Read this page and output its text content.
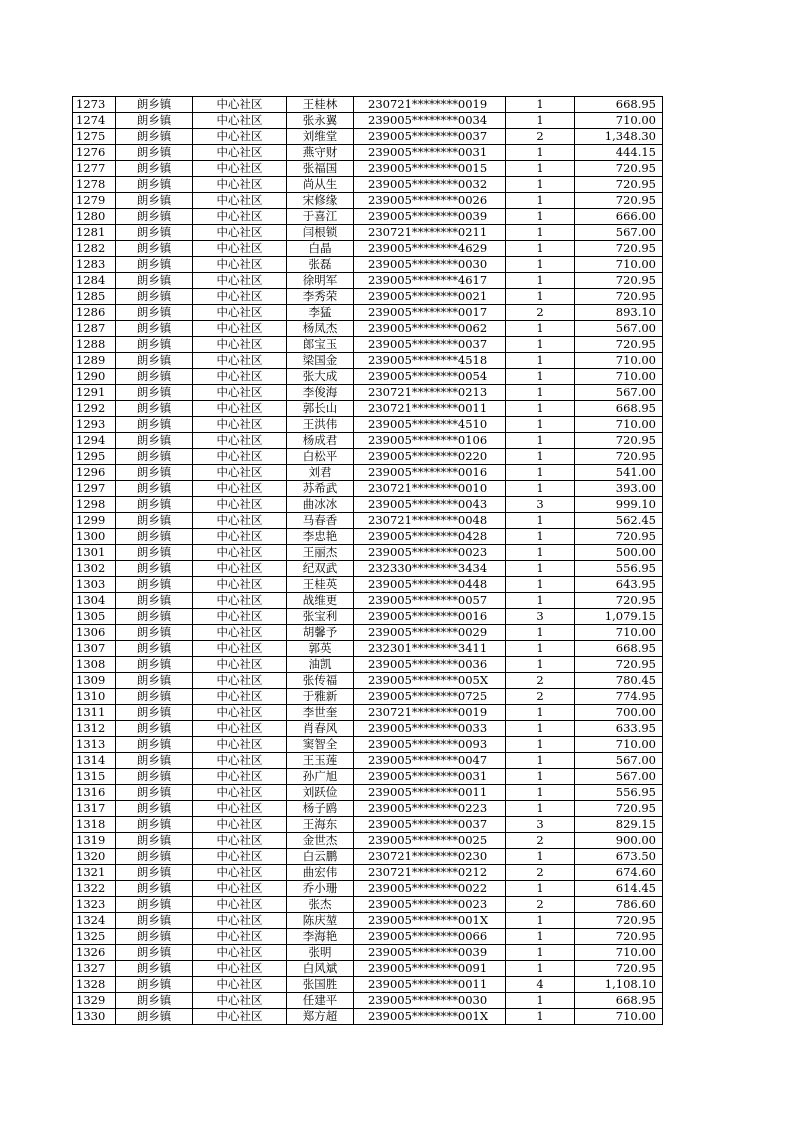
1273	朗乡镇	中心社区	王桂林	230721********0019	1	668.95
1274	朗乡镇	中心社区	张永翼	239005********0034	1	710.00
1275	朗乡镇	中心社区	刘维堂	239005********0037	2	1,348.30
1276	朗乡镇	中心社区	燕守财	239005********0031	1	444.15
1277	朗乡镇	中心社区	张福国	239005********0015	1	720.95
1278	朗乡镇	中心社区	尚从生	239005********0032	1	720.95
1279	朗乡镇	中心社区	宋修缘	239005********0026	1	720.95
1280	朗乡镇	中心社区	于喜江	239005********0039	1	666.00
1281	朗乡镇	中心社区	闫根锁	230721********0211	1	567.00
1282	朗乡镇	中心社区	白晶	239005********4629	1	720.95
1283	朗乡镇	中心社区	张磊	239005********0030	1	710.00
1284	朗乡镇	中心社区	徐明军	239005********4617	1	720.95
1285	朗乡镇	中心社区	李秀荣	239005********0021	1	720.95
1286	朗乡镇	中心社区	李猛	239005********0017	2	893.10
1287	朗乡镇	中心社区	杨凤杰	239005********0062	1	567.00
1288	朗乡镇	中心社区	郎宝玉	239005********0037	1	720.95
1289	朗乡镇	中心社区	梁国金	239005********4518	1	710.00
1290	朗乡镇	中心社区	张大成	239005********0054	1	710.00
1291	朗乡镇	中心社区	李俊海	230721********0213	1	567.00
1292	朗乡镇	中心社区	郭长山	230721********0011	1	668.95
1293	朗乡镇	中心社区	王洪伟	239005********4510	1	710.00
1294	朗乡镇	中心社区	杨成君	239005********0106	1	720.95
1295	朗乡镇	中心社区	白松平	239005********0220	1	720.95
1296	朗乡镇	中心社区	刘君	239005********0016	1	541.00
1297	朗乡镇	中心社区	苏希武	230721********0010	1	393.00
1298	朗乡镇	中心社区	曲冰冰	239005********0043	3	999.10
1299	朗乡镇	中心社区	马春香	230721********0048	1	562.45
1300	朗乡镇	中心社区	李忠艳	239005********0428	1	720.95
1301	朗乡镇	中心社区	王丽杰	239005********0023	1	500.00
1302	朗乡镇	中心社区	纪双武	232330********3434	1	556.95
1303	朗乡镇	中心社区	王桂英	239005********0448	1	643.95
1304	朗乡镇	中心社区	战维更	239005********0057	1	720.95
1305	朗乡镇	中心社区	张宝利	239005********0016	3	1,079.15
1306	朗乡镇	中心社区	胡馨予	239005********0029	1	710.00
1307	朗乡镇	中心社区	郭英	232301********3411	1	668.95
1308	朗乡镇	中心社区	油凯	239005********0036	1	720.95
1309	朗乡镇	中心社区	张传福	239005********005X	2	780.45
1310	朗乡镇	中心社区	于雅新	239005********0725	2	774.95
1311	朗乡镇	中心社区	李世奎	230721********0019	1	700.00
1312	朗乡镇	中心社区	肖春风	239005********0033	1	633.95
1313	朗乡镇	中心社区	窦智全	239005********0093	1	710.00
1314	朗乡镇	中心社区	王玉莲	239005********0047	1	567.00
1315	朗乡镇	中心社区	孙广旭	239005********0031	1	567.00
1316	朗乡镇	中心社区	刘跃俭	239005********0011	1	556.95
1317	朗乡镇	中心社区	杨子鸥	239005********0223	1	720.95
1318	朗乡镇	中心社区	王海东	239005********0037	3	829.15
1319	朗乡镇	中心社区	金世杰	239005********0025	2	900.00
1320	朗乡镇	中心社区	白云鹏	230721********0230	1	673.50
1321	朗乡镇	中心社区	曲宏伟	230721********0212	2	674.60
1322	朗乡镇	中心社区	乔小珊	239005********0022	1	614.45
1323	朗乡镇	中心社区	张杰	239005********0023	2	786.60
1324	朗乡镇	中心社区	陈庆堃	239005********001X	1	720.95
1325	朗乡镇	中心社区	李海艳	239005********0066	1	720.95
1326	朗乡镇	中心社区	张明	239005********0039	1	710.00
1327	朗乡镇	中心社区	白风斌	239005********0091	1	720.95
1328	朗乡镇	中心社区	张国胜	239005********0011	4	1,108.10
1329	朗乡镇	中心社区	任建平	239005********0030	1	668.95
1330	朗乡镇	中心社区	郑方超	239005********001X	1	710.00
